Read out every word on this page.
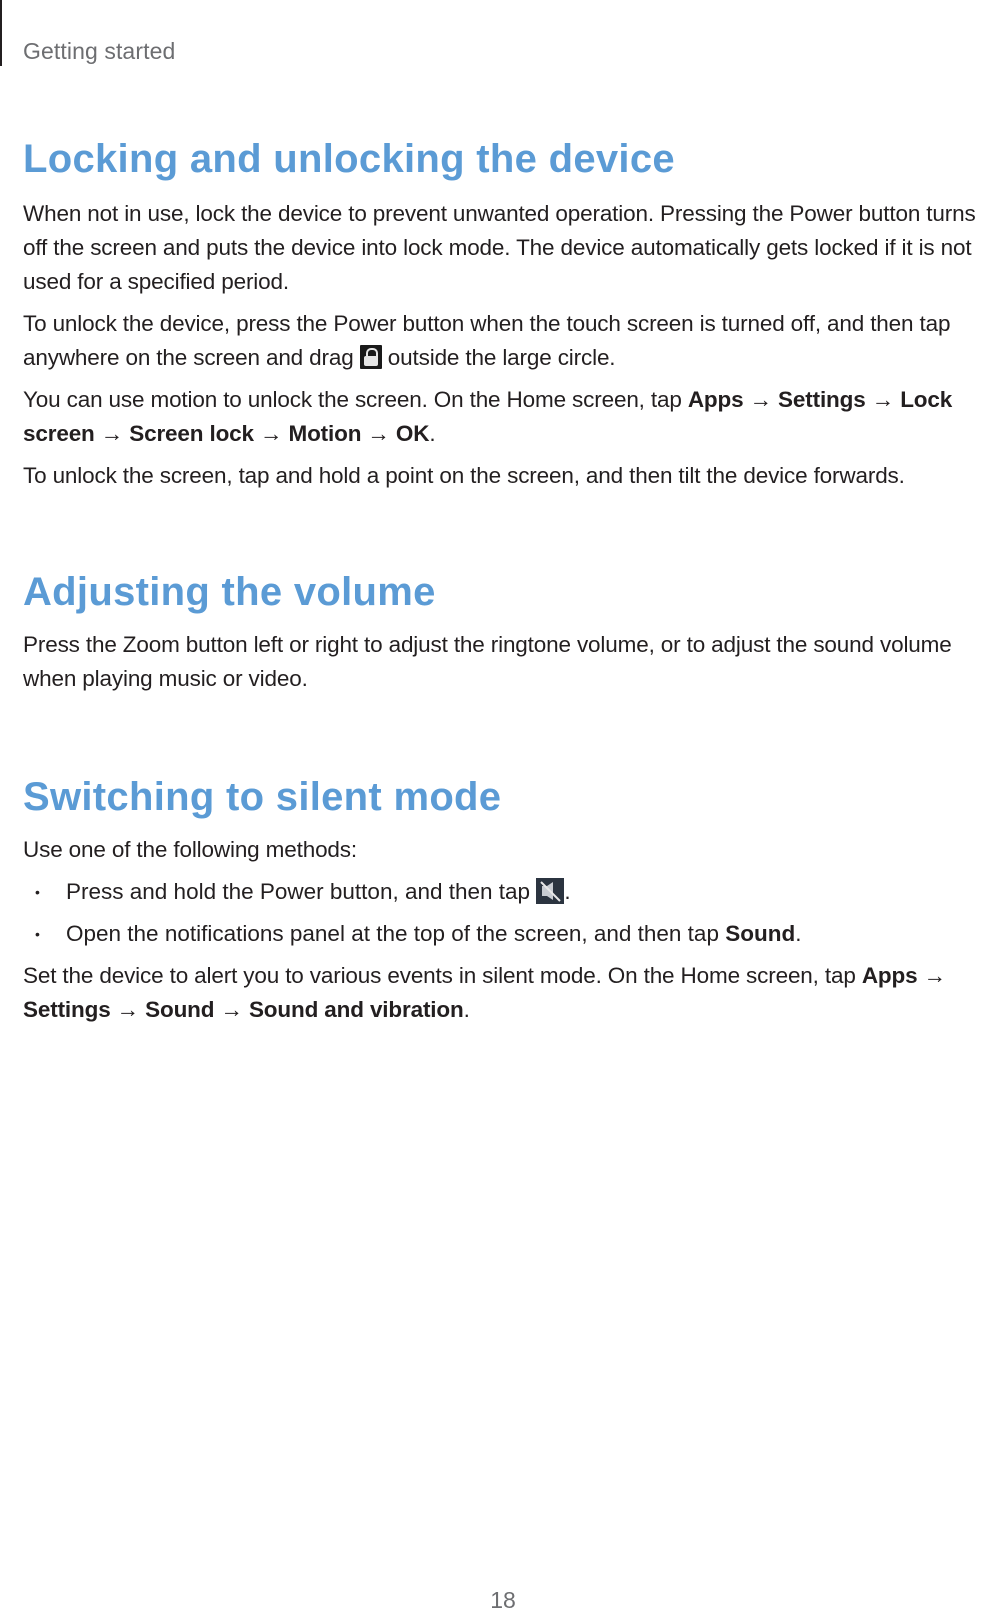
Getting started
Locking and unlocking the device

When not in use, lock the device to prevent unwanted operation. Pressing the Power button turns off the screen and puts the device into lock mode. The device automatically gets locked if it is not used for a specified period.

To unlock the device, press the Power button when the touch screen is turned off, and then tap anywhere on the screen and drag  outside the large circle.

You can use motion to unlock the screen. On the Home screen, tap Apps → Settings → Lock screen → Screen lock → Motion → OK.

To unlock the screen, tap and hold a point on the screen, and then tilt the device forwards.

Adjusting the volume

Press the Zoom button left or right to adjust the ringtone volume, or to adjust the sound volume when playing music or video.

Switching to silent mode

Use one of the following methods:

• Press and hold the Power button, and then tap
.
• Open the notifications panel at the top of the screen, and then tap Sound.

Set the device to alert you to various events in silent mode. On the Home screen, tap Apps → Settings → Sound → Sound and vibration.

18
